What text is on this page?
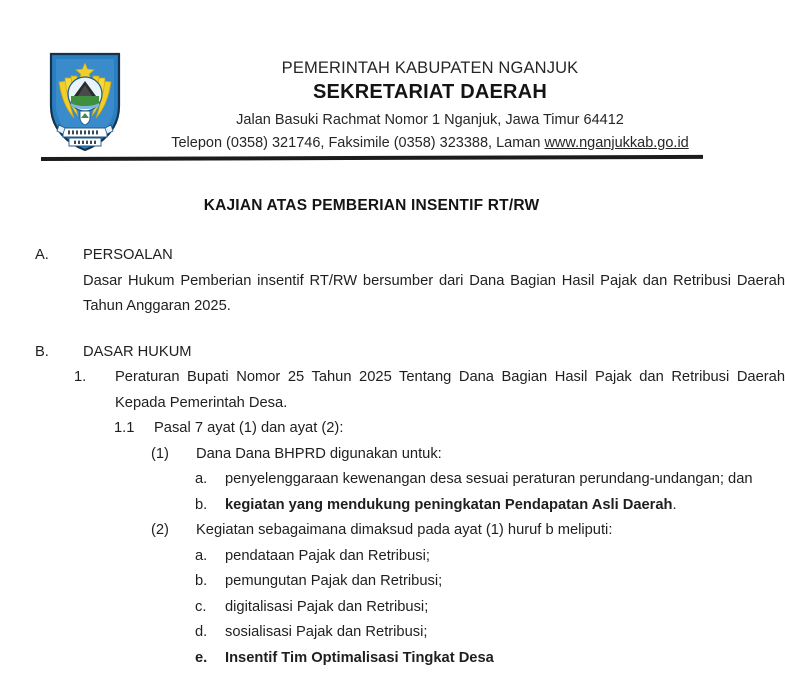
PEMERINTAH KABUPATEN NGANJUK
SEKRETARIAT DAERAH
Jalan Basuki Rachmat Nomor 1 Nganjuk, Jawa Timur 64412
Telepon (0358) 321746, Faksimile (0358) 323388, Laman www.nganjukkab.go.id
KAJIAN ATAS PEMBERIAN INSENTIF RT/RW
A.	PERSOALAN
Dasar Hukum Pemberian insentif RT/RW bersumber dari Dana Bagian Hasil Pajak dan Retribusi Daerah Tahun Anggaran 2025.
B.	DASAR HUKUM
1.	Peraturan Bupati Nomor 25 Tahun 2025 Tentang Dana Bagian Hasil Pajak dan Retribusi Daerah Kepada Pemerintah Desa.
1.1	Pasal 7 ayat (1) dan ayat (2):
(1)	Dana Dana BHPRD digunakan untuk:
a.	penyelenggaraan kewenangan desa sesuai peraturan perundang-undangan; dan
b.	kegiatan yang mendukung peningkatan Pendapatan Asli Daerah.
(2)	Kegiatan sebagaimana dimaksud pada ayat (1) huruf b meliputi:
a.	pendataan Pajak dan Retribusi;
b.	pemungutan Pajak dan Retribusi;
c.	digitalisasi Pajak dan Retribusi;
d.	sosialisasi Pajak dan Retribusi;
e.	Insentif Tim Optimalisasi Tingkat Desa
